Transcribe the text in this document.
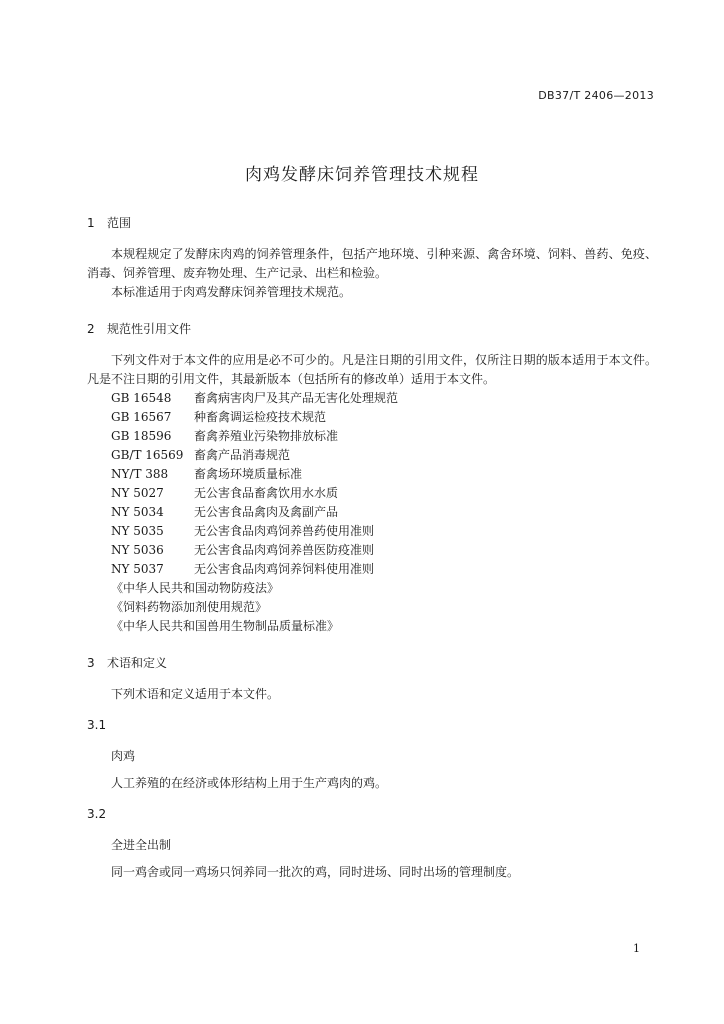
DB37/T 2406—2013
肉鸡发酵床饲养管理技术规程
1 范围

本规程规定了发酵床肉鸡的饲养管理条件，包括产地环境、引种来源、禽舍环境、饲料、兽药、免疫、消毒、饲养管理、废弃物处理、生产记录、出栏和检验。

本标准适用于肉鸡发酵床饲养管理技术规范。

2 规范性引用文件

下列文件对于本文件的应用是必不可少的。凡是注日期的引用文件，仅所注日期的版本适用于本文件。凡是不注日期的引用文件，其最新版本（包括所有的修改单）适用于本文件。

GB 16548 畜禽病害肉尸及其产品无害化处理规范
GB 16567 种畜禽调运检疫技术规范
GB 18596 畜禽养殖业污染物排放标准
GB/T 16569 畜禽产品消毒规范
NY/T 388 畜禽场环境质量标准
NY 5027	无公害食品畜禽饮用水水质
NY 5034	无公害食品禽肉及禽副产品
NY 5035	无公害食品肉鸡饲养兽药使用准则
NY 5036	无公害食品肉鸡饲养兽医防疫准则
NY 5037	无公害食品肉鸡饲养饲料使用准则
《中华人民共和国动物防疫法》
《饲料药物添加剂使用规范》
《中华人民共和国兽用生物制品质量标准》
3 术语和定义

下列术语和定义适用于本文件。

3.1
肉鸡

人工养殖的在经济或体形结构上用于生产鸡肉的鸡。

3.2
全进全出制

同一鸡舍或同一鸡场只饲养同一批次的鸡，同时进场、同时出场的管理制度。

1
